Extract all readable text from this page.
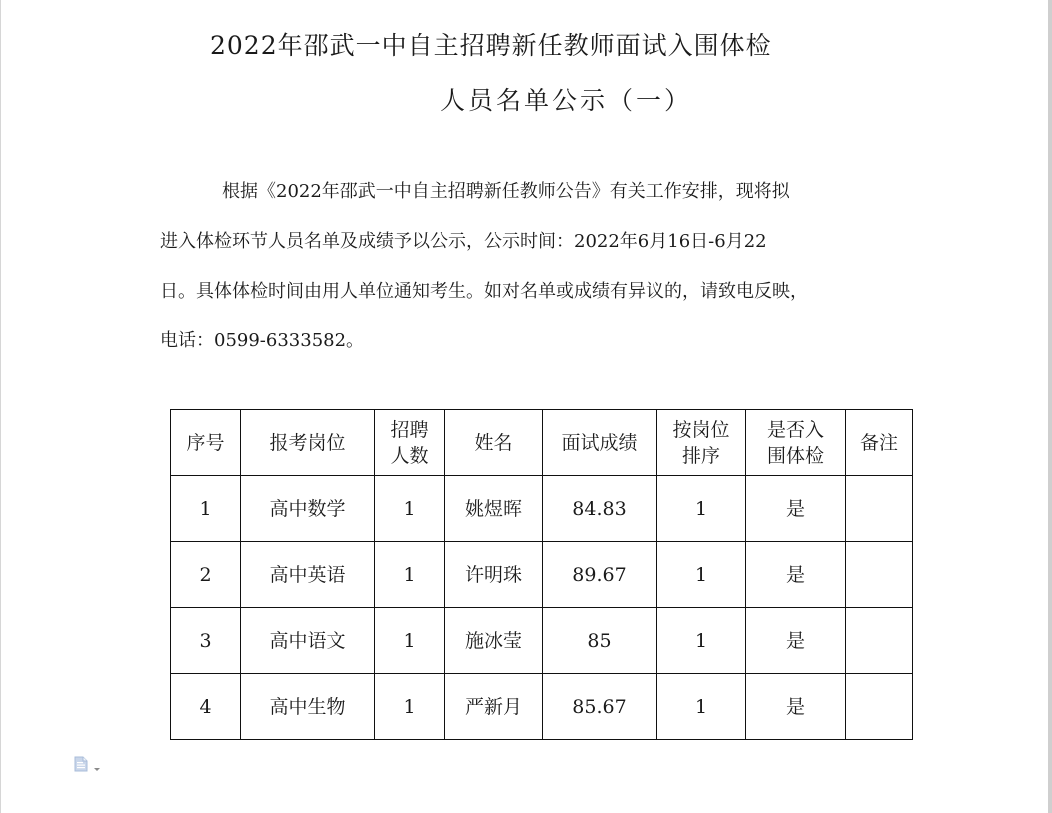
2022年邵武一中自主招聘新任教师面试入围体检
人员名单公示（一）
根据《2022年邵武一中自主招聘新任教师公告》有关工作安排，现将拟
进入体检环节人员名单及成绩予以公示，公示时间：2022年6月16日-6月22
日。具体体检时间由用人单位通知考生。如对名单或成绩有异议的，请致电反映，
电话：0599-6333582。
序号	报考岗位	招聘人数	姓名	面试成绩	按岗位排序	是否入围体检	备注
1	高中数学	1	姚煜晖	84.83	1	是	
2	高中英语	1	许明珠	89.67	1	是	
3	高中语文	1	施冰莹	85	1	是	
4	高中生物	1	严新月	85.67	1	是	
